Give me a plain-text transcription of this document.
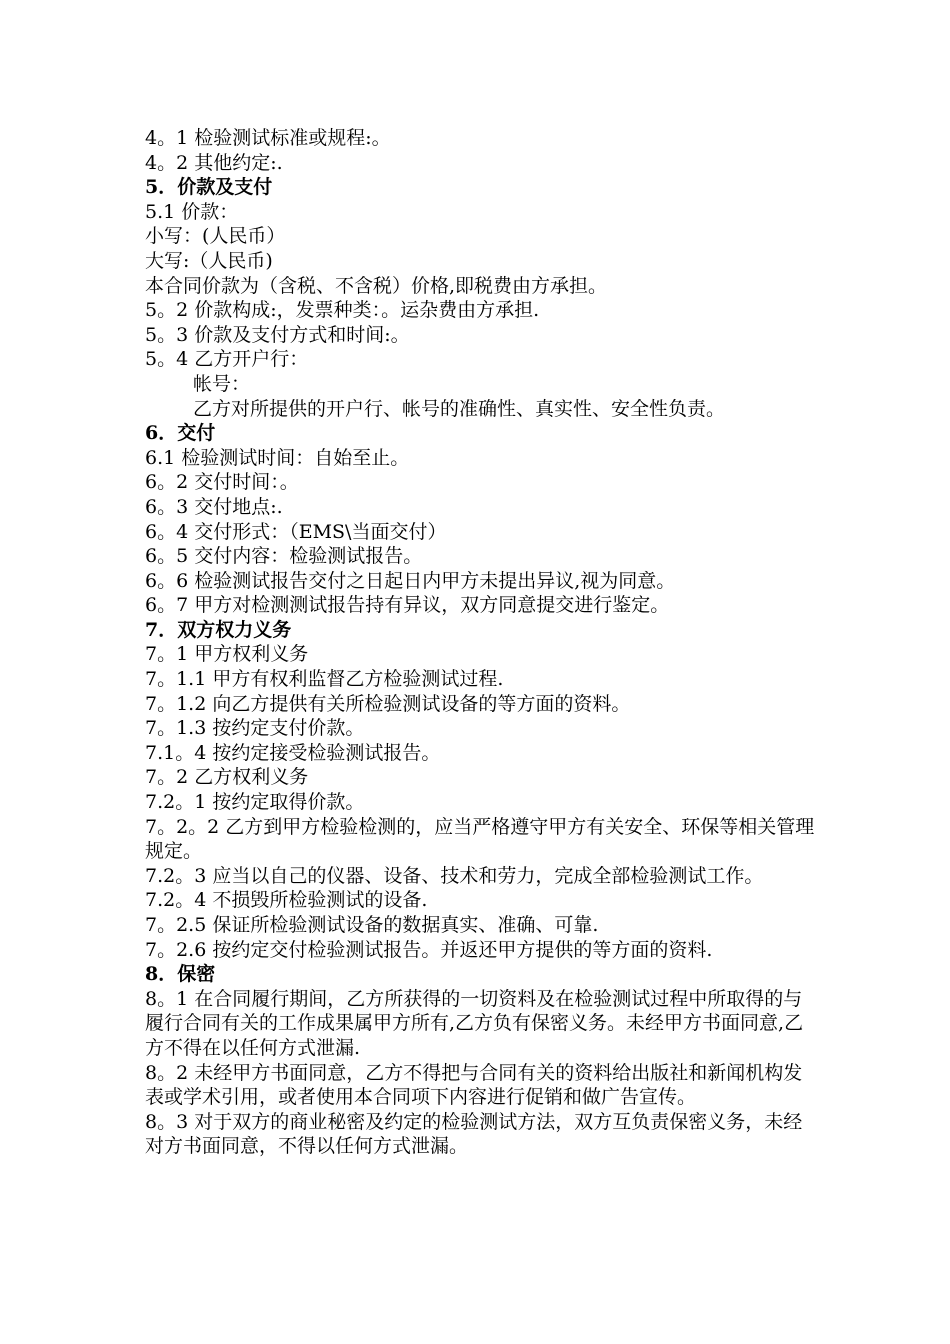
4。1 检验测试标准或规程:。

4。2 其他约定:.

5．价款及支付

5.1 价款：

小写：(人民币）

大写:（人民币)

本合同价款为（含税、不含税）价格,即税费由方承担。

5。2 价款构成:，发票种类：。运杂费由方承担.

5。3 价款及支付方式和时间:。

5。4 乙方开户行：

帐号：

乙方对所提供的开户行、帐号的准确性、真实性、安全性负责。

6．交付

6.1 检验测试时间：自始至止。

6。2 交付时间：。

6。3 交付地点:.

6。4 交付形式：（EMS\当面交付）

6。5 交付内容：检验测试报告。

6。6 检验测试报告交付之日起日内甲方未提出异议,视为同意。

6。7 甲方对检测测试报告持有异议，双方同意提交进行鉴定。

7．双方权力义务

7。1 甲方权利义务

7。1.1 甲方有权利监督乙方检验测试过程.

7。1.2 向乙方提供有关所检验测试设备的等方面的资料。

7。1.3 按约定支付价款。

7.1。4 按约定接受检验测试报告。

7。2 乙方权利义务

7.2。1 按约定取得价款。

7。2。2 乙方到甲方检验检测的，应当严格遵守甲方有关安全、环保等相关管理规定。

7.2。3 应当以自己的仪器、设备、技术和劳力，完成全部检验测试工作。

7.2。4 不损毁所检验测试的设备.

7。2.5 保证所检验测试设备的数据真实、准确、可靠.

7。2.6 按约定交付检验测试报告。并返还甲方提供的等方面的资料.

8．保密

8。1 在合同履行期间，乙方所获得的一切资料及在检验测试过程中所取得的与履行合同有关的工作成果属甲方所有,乙方负有保密义务。未经甲方书面同意,乙方不得在以任何方式泄漏.

8。2 未经甲方书面同意，乙方不得把与合同有关的资料给出版社和新闻机构发表或学术引用，或者使用本合同项下内容进行促销和做广告宣传。

8。3 对于双方的商业秘密及约定的检验测试方法，双方互负责保密义务，未经对方书面同意，不得以任何方式泄漏。
